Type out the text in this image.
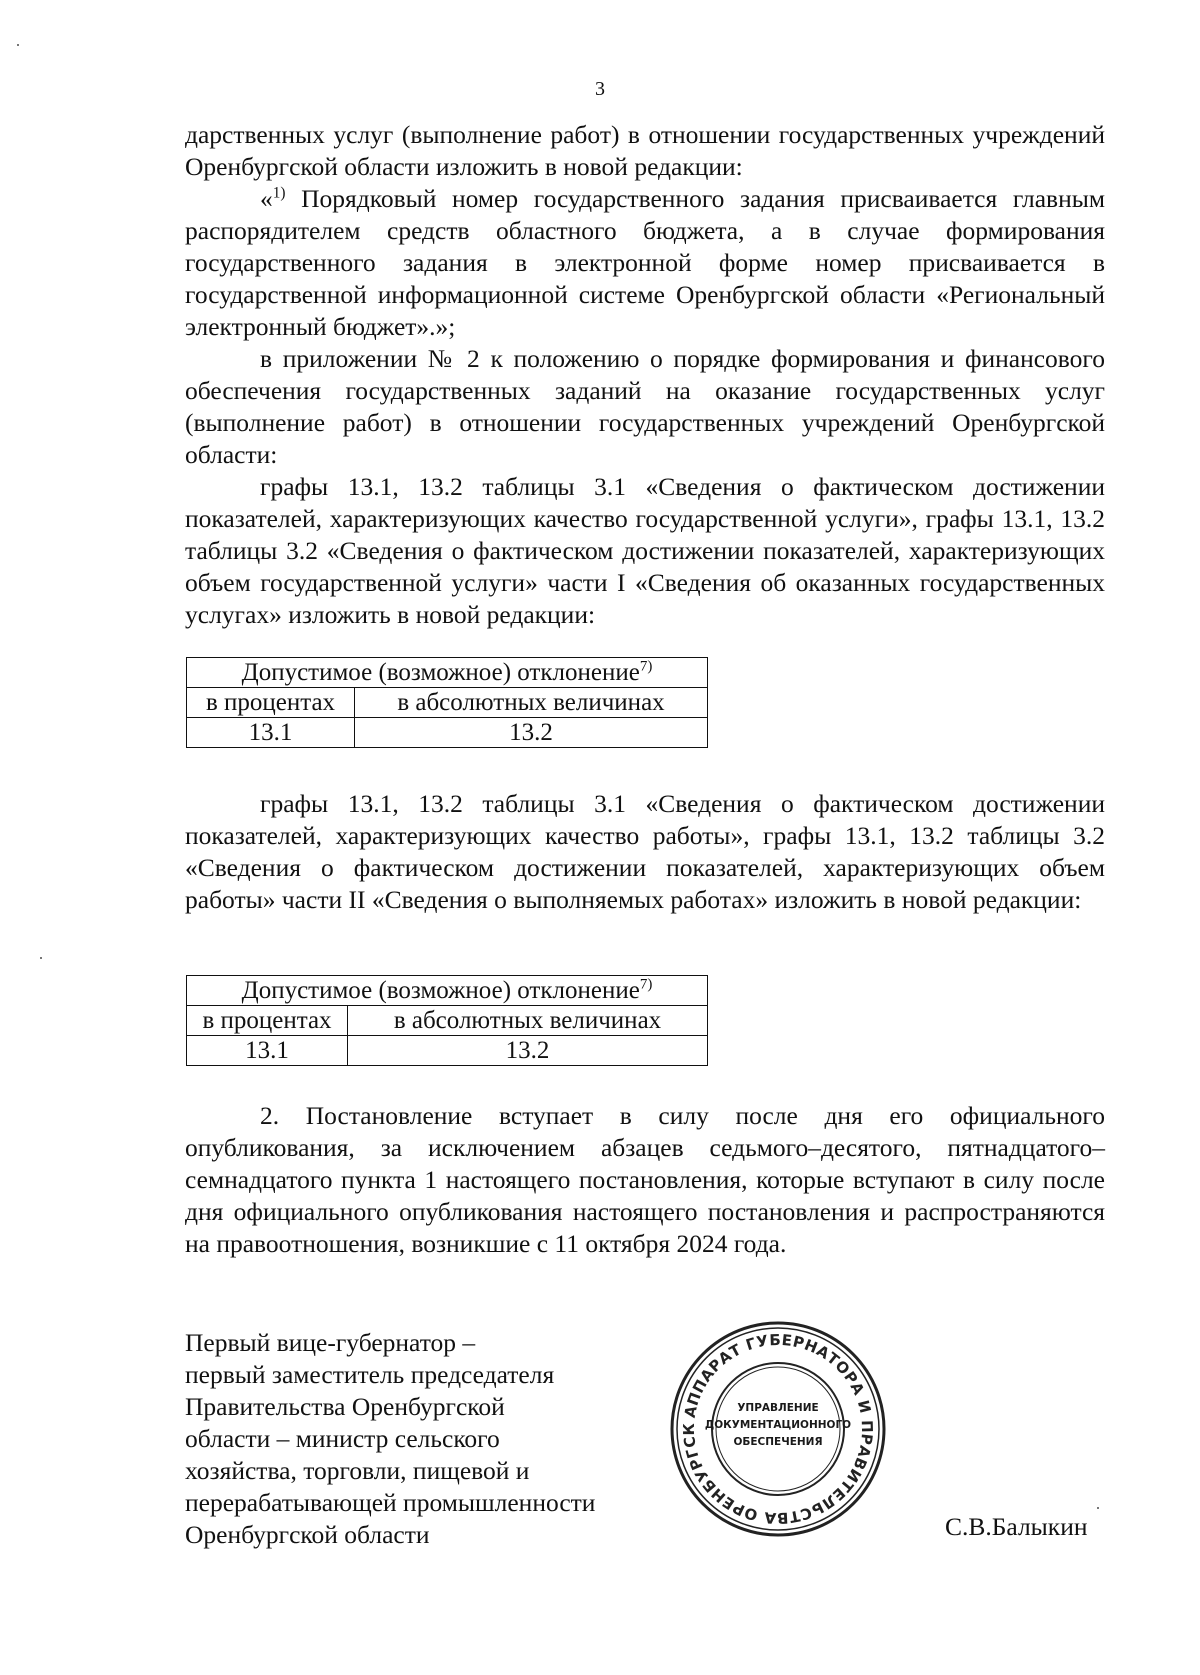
3

дарственных услуг (выполнение работ) в отношении государственных учреждений Оренбургской области изложить в новой редакции:

«$^{1)}$ Порядковый номер государственного задания присваивается главным распорядителем средств областного бюджета, а в случае формирования государственного задания в электронной форме номер присваивается в государственной информационной системе Оренбургской области «Региональный электронный бюджет».»;

в приложении № 2 к положению о порядке формирования и финансового обеспечения государственных заданий на оказание государственных услуг (выполнение работ) в отношении государственных учреждений Оренбургской области:

графы 13.1, 13.2 таблицы 3.1 «Сведения о фактическом достижении показателей, характеризующих качество государственной услуги», графы 13.1, 13.2 таблицы 3.2 «Сведения о фактическом достижении показателей, характеризующих объем государственной услуги» части I «Сведения об оказанных государственных услугах» изложить в новой редакции:

Допустимое (возможное) отклонение$^{7)}$
в процентах	в абсолютных величинах
13.1	13.2

графы 13.1, 13.2 таблицы 3.1 «Сведения о фактическом достижении показателей, характеризующих качество работы», графы 13.1, 13.2 таблицы 3.2 «Сведения о фактическом достижении показателей, характеризующих объем работы» части II «Сведения о выполняемых работах» изложить в новой редакции:

Допустимое (возможное) отклонение$^{7)}$
в процентах	в абсолютных величинах
13.1	13.2

2. Постановление вступает в силу после дня его официального опубликования, за исключением абзацев седьмого–десятого, пятнадцатого–семнадцатого пункта 1 настоящего постановления, которые вступают в силу после дня официального опубликования настоящего постановления и распространяются на правоотношения, возникшие с 11 октября 2024 года.

Первый вице-губернатор –
первый заместитель председателя
Правительства Оренбургской
области – министр сельского
хозяйства, торговли, пищевой и
перерабатывающей промышленности
Оренбургской области
АППАРАТ ГУБЕРНАТОРА И ПРАВИТЕЛЬСТВА ОРЕНБУРГСК
УПРАВЛЕНИЕ
ДОКУМЕНТАЦИОННОГО
ОБЕСПЕЧЕНИЯ
С.В.Балыкин
